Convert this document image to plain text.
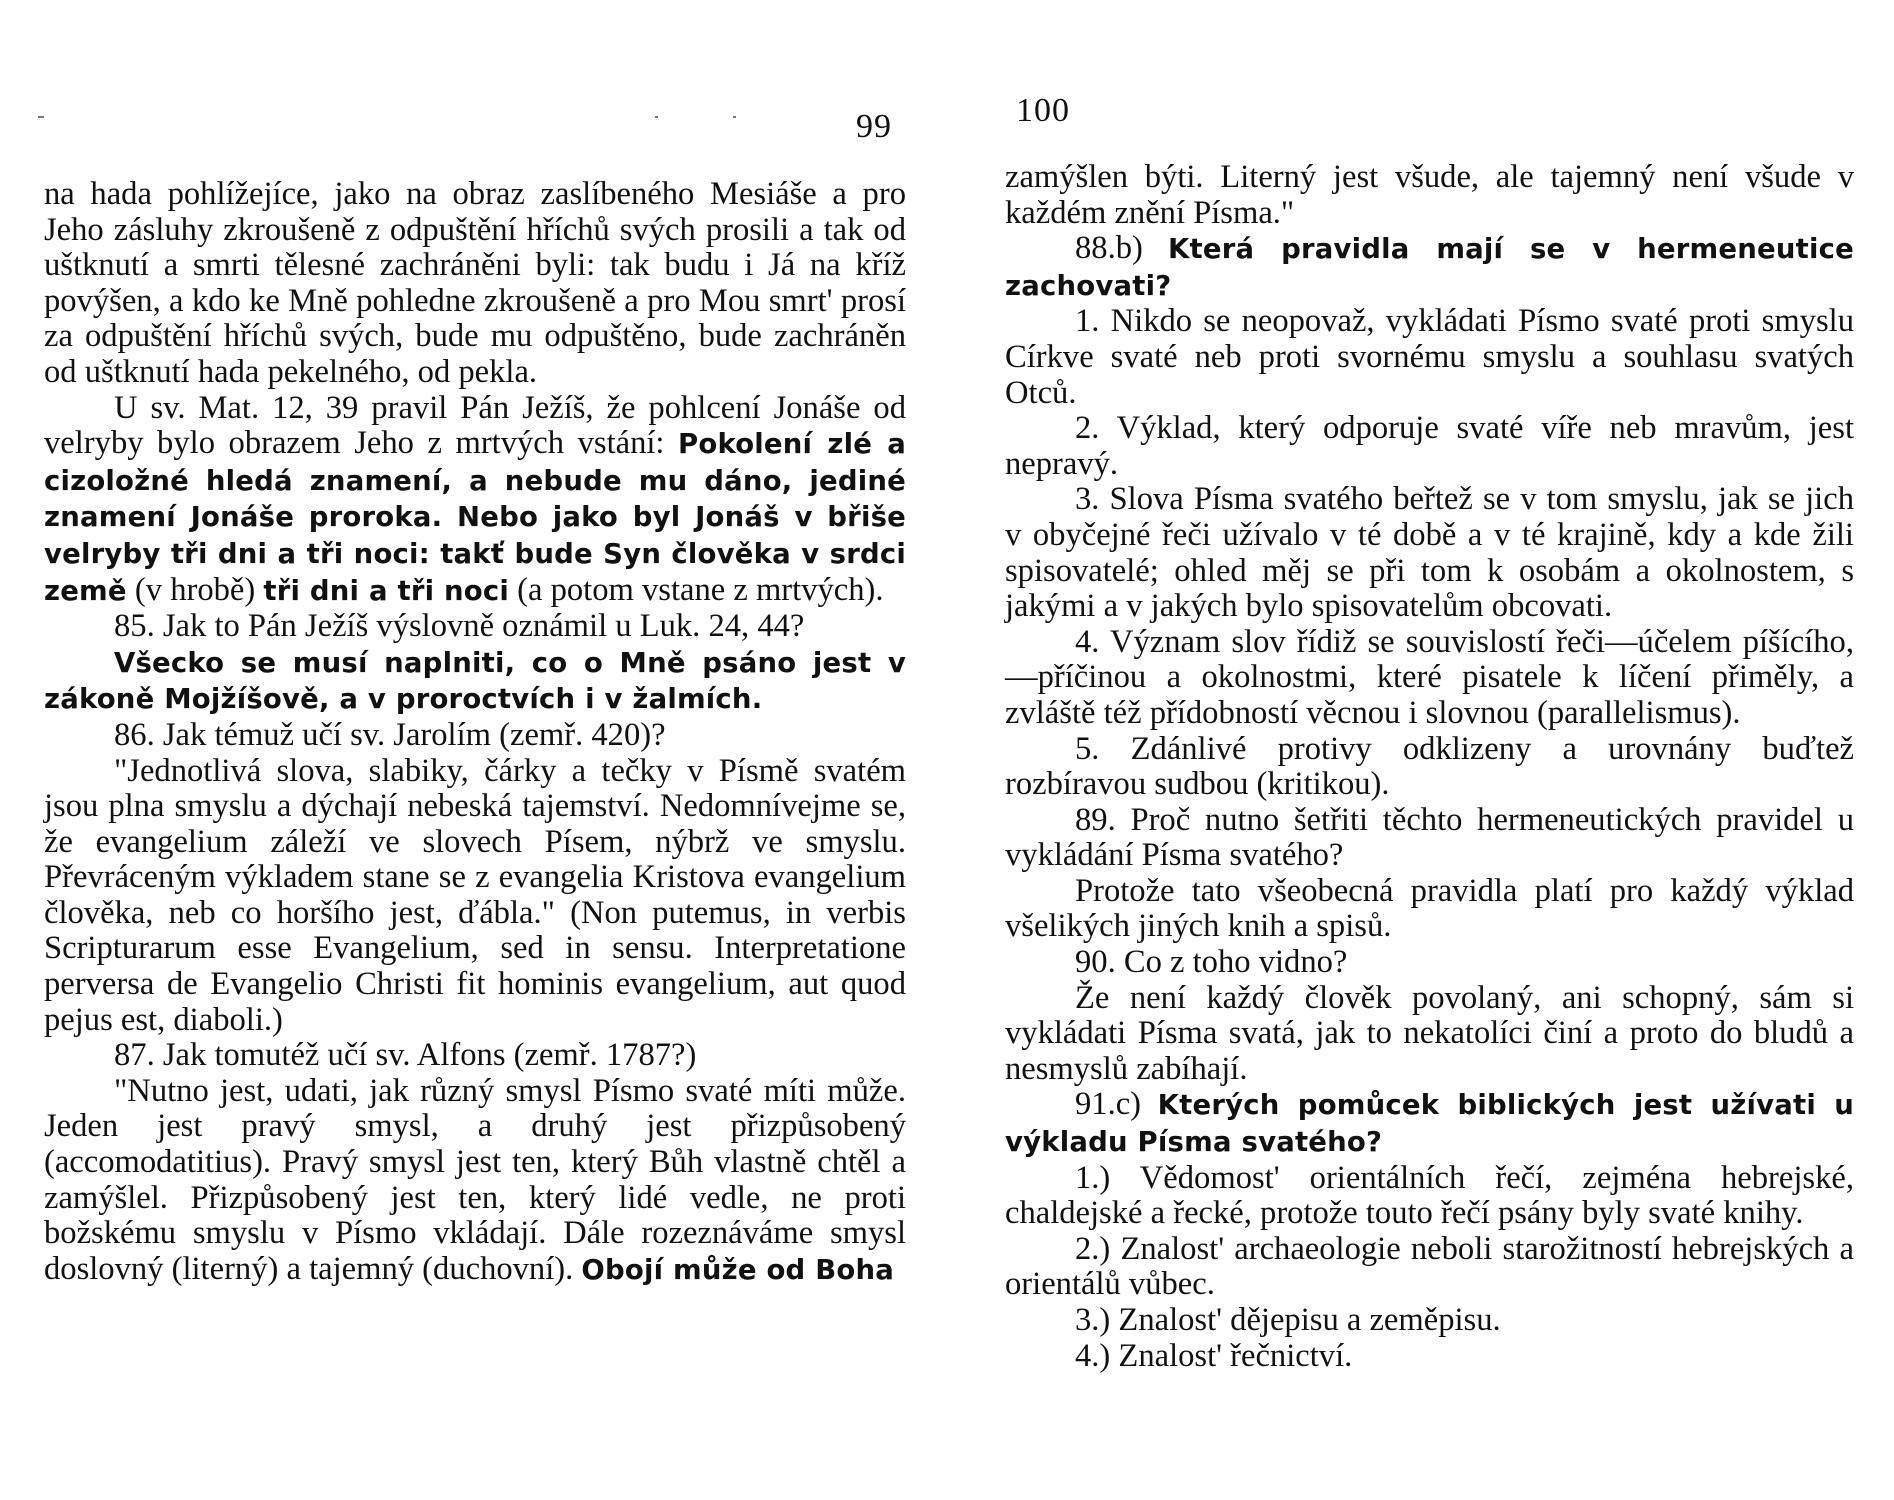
99

na hada pohlížejíce, jako na obraz zaslíbeného Mesiáše a pro Jeho zásluhy zkroušeně z odpuštění hříchů svých prosili a tak od uštknutí a smrti tělesné zachráněni byli: tak budu i Já na kříž povýšen, a kdo ke Mně pohledne zkroušeně a pro Mou smrt' prosí za odpuštění hříchů svých, bude mu odpuštěno, bude zachráněn od uštknutí hada pekelného, od pekla.

U sv. Mat. 12, 39 pravil Pán Ježíš, že pohlcení Jonáše od velryby bylo obrazem Jeho z mrtvých vstání: Pokolení zlé a cizoložné hledá znamení, a nebude mu dáno, jediné znamení Jonáše proroka. Nebo jako byl Jonáš v břiše velryby tři dni a tři noci: takť bude Syn člověka v srdci země (v hrobě) tři dni a tři noci (a potom vstane z mrtvých).

85. Jak to Pán Ježíš výslovně oznámil u Luk. 24, 44?

Všecko se musí naplniti, co o Mně psáno jest v zákoně Mojžíšově, a v proroctvích i v žalmích.

86. Jak témuž učí sv. Jarolím (zemř. 420)?

"Jednotlivá slova, slabiky, čárky a tečky v Písmě svatém jsou plna smyslu a dýchají nebeská tajemství. Nedomnívejme se, že evangelium záleží ve slovech Písem, nýbrž ve smyslu. Převráceným výkladem stane se z evangelia Kristova evangelium člověka, neb co horšího jest, ďábla." (Non putemus, in verbis Scripturarum esse Evangelium, sed in sensu. Interpretatione perversa de Evangelio Christi fit hominis evangelium, aut quod pejus est, diaboli.)

87. Jak tomutéž učí sv. Alfons (zemř. 1787?)

"Nutno jest, udati, jak různý smysl Písmo svaté míti může. Jeden jest pravý smysl, a druhý jest přizpůsobený (accomodatitius). Pravý smysl jest ten, který Bůh vlastně chtěl a zamýšlel. Přizpůsobený jest ten, který lidé vedle, ne proti božskému smyslu v Písmo vkládají. Dále rozeznáváme smysl doslovný (literný) a tajemný (duchovní). Obojí může od Boha

100

zamýšlen býti. Literný jest všude, ale tajemný není všude v každém znění Písma."

88.b) Která pravidla mají se v hermeneutice zachovati?

1. Nikdo se neopovaž, vykládati Písmo svaté proti smyslu Církve svaté neb proti svornému smyslu a souhlasu svatých Otců.

2. Výklad, který odporuje svaté víře neb mravům, jest nepravý.

3. Slova Písma svatého beřtež se v tom smyslu, jak se jich v obyčejné řeči užívalo v té době a v té krajině, kdy a kde žili spisovatelé; ohled měj se při tom k osobám a okolnostem, s jakými a v jakých bylo spisovatelům obcovati.

4. Význam slov řídiž se souvislostí řeči—účelem píšícího,—příčinou a okolnostmi, které pisatele k líčení přiměly, a zvláště též přídobností věcnou i slovnou (parallelismus).

5. Zdánlivé protivy odklizeny a urovnány buďtež rozbíravou sudbou (kritikou).

89. Proč nutno šetřiti těchto hermeneutických pravidel u vykládání Písma svatého?

Protože tato všeobecná pravidla platí pro každý výklad všelikých jiných knih a spisů.

90. Co z toho vidno?

Že není každý člověk povolaný, ani schopný, sám si vykládati Písma svatá, jak to nekatolíci činí a proto do bludů a nesmyslů zabíhají.

91.c) Kterých pomůcek biblických jest užívati u výkladu Písma svatého?

1.) Vědomost' orientálních řečí, zejména hebrejské, chaldejské a řecké, protože touto řečí psány byly svaté knihy.

2.) Znalost' archaeologie neboli starožitností hebrejských a orientálů vůbec.

3.) Znalost' dějepisu a zeměpisu.

4.) Znalost' řečnictví.
